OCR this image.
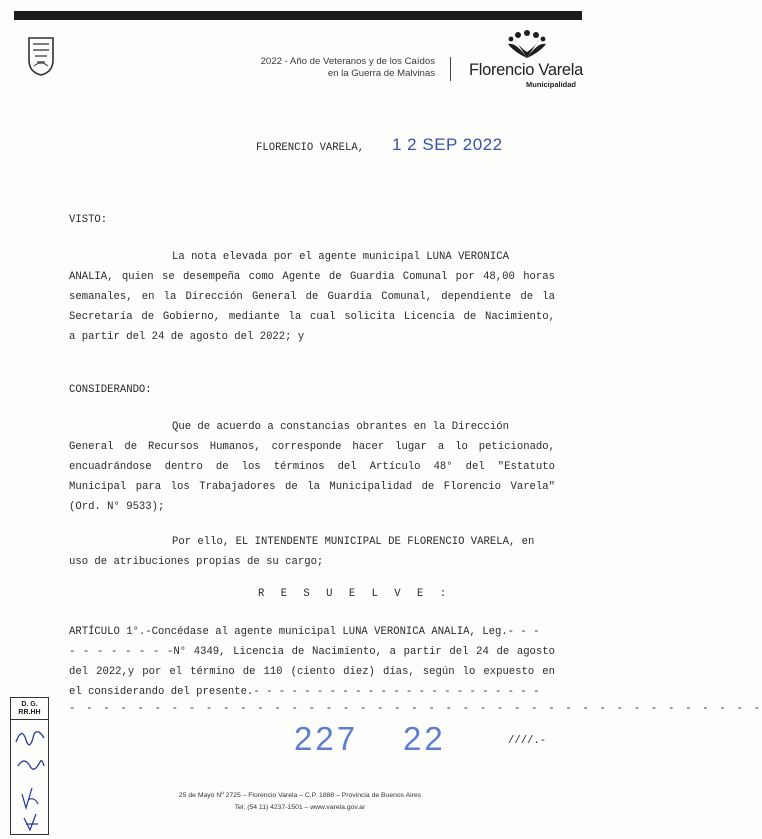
2022 - Año de Veteranos y de los Caídos
en la Guerra de Malvinas Florencio Varela
Municipalidad
FLORENCIO VARELA, 1 2 SEP 2022
VISTO:
La nota elevada por el agente municipal LUNA VERONICA
ANALIA, quien se desempeña como Agente de Guardia Comunal por 48,00 horas
semanales, en la Dirección General de Guardia Comunal, dependiente de la
Secretaría de Gobierno, mediante la cual solicita Licencia de Nacimiento,
a partir del 24 de agosto del 2022; y
CONSIDERANDO:
Que de acuerdo a constancias obrantes en la Dirección
General de Recursos Humanos, corresponde hacer lugar a lo peticionado,
encuadrándose dentro de los términos del Artículo 48° del "Estatuto
Municipal para los Trabajadores de la Municipalidad de Florencio Varela"
(Ord. N° 9533);
Por ello, EL INTENDENTE MUNICIPAL DE FLORENCIO VARELA, en
uso de atribuciones propias de su cargo;
R E S U E L V E :
ARTÍCULO 1°.-Concédase al agente municipal LUNA VERONICA ANALIA, Leg.- - -
- - - - - - - -N° 4349, Licencia de Nacimiento, a partir del 24 de agosto
del 2022,y por el término de 110 (ciento diez) días, según lo expuesto en
el considerando del presente.- - - - - - - - - - - - - - - - - - - - - - -
- - - - - - - - - - - - - - - - - - - - - - - - - - - - - - - - - - - - - - - - -
D. G.
RR.HH
227 22	////.-
25 de Mayo Nº 2725 – Florencio Varela – C.P. 1888 – Provincia de Buenos Aires
Tel: (54 11) 4237-1501 – www.varela.gov.ar
